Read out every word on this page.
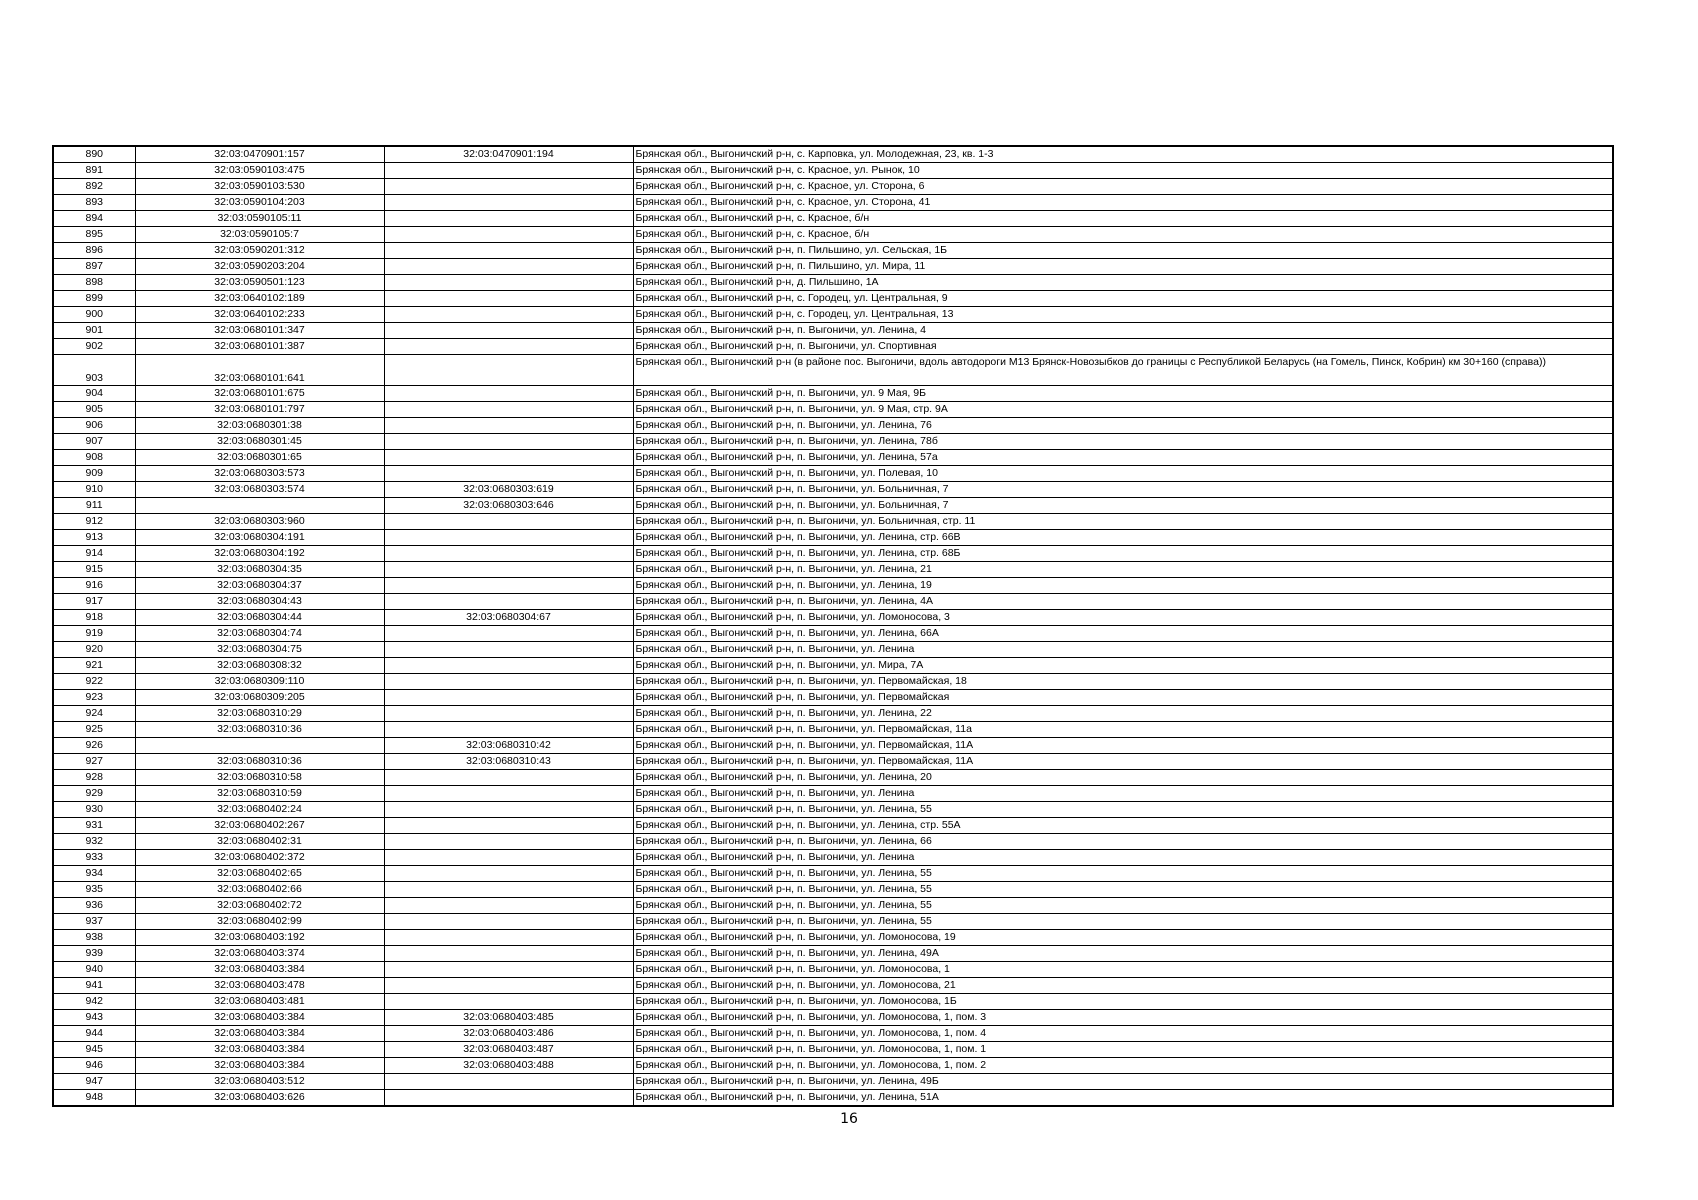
890	32:03:0470901:157	32:03:0470901:194	Брянская обл., Выгоничский р-н, с. Карповка, ул. Молодежная, 23, кв. 1-3
891	32:03:0590103:475		Брянская обл., Выгоничский р-н, с. Красное, ул. Рынок, 10
892	32:03:0590103:530		Брянская обл., Выгоничский р-н, с. Красное, ул. Сторона, 6
893	32:03:0590104:203		Брянская обл., Выгоничский р-н, с. Красное, ул. Сторона, 41
894	32:03:0590105:11		Брянская обл., Выгоничский р-н, с. Красное, б/н
895	32:03:0590105:7		Брянская обл., Выгоничский р-н, с. Красное, б/н
896	32:03:0590201:312		Брянская обл., Выгоничский р-н, п. Пильшино, ул. Сельская, 1Б
897	32:03:0590203:204		Брянская обл., Выгоничский р-н, п. Пильшино, ул. Мира, 11
898	32:03:0590501:123		Брянская обл., Выгоничский р-н, д. Пильшино, 1А
899	32:03:0640102:189		Брянская обл., Выгоничский р-н, с. Городец, ул. Центральная, 9
900	32:03:0640102:233		Брянская обл., Выгоничский р-н, с. Городец, ул. Центральная, 13
901	32:03:0680101:347		Брянская обл., Выгоничский р-н, п. Выгоничи, ул. Ленина, 4
902	32:03:0680101:387		Брянская обл., Выгоничский р-н, п. Выгоничи, ул. Спортивная
903	32:03:0680101:641		Брянская обл., Выгоничский р-н (в районе пос. Выгоничи, вдоль автодороги М13 Брянск-Новозыбков до границы с Республикой Беларусь (на Гомель, Пинск, Кобрин) км 30+160 (справа))
904	32:03:0680101:675		Брянская обл., Выгоничский р-н, п. Выгоничи, ул. 9 Мая, 9Б
905	32:03:0680101:797		Брянская обл., Выгоничский р-н, п. Выгоничи, ул. 9 Мая, стр. 9А
906	32:03:0680301:38		Брянская обл., Выгоничский р-н, п. Выгоничи, ул. Ленина, 76
907	32:03:0680301:45		Брянская обл., Выгоничский р-н, п. Выгоничи, ул. Ленина, 78б
908	32:03:0680301:65		Брянская обл., Выгоничский р-н, п. Выгоничи, ул. Ленина, 57а
909	32:03:0680303:573		Брянская обл., Выгоничский р-н, п. Выгоничи, ул. Полевая, 10
910	32:03:0680303:574	32:03:0680303:619	Брянская обл., Выгоничский р-н, п. Выгоничи, ул. Больничная, 7
911		32:03:0680303:646	Брянская обл., Выгоничский р-н, п. Выгоничи, ул. Больничная, 7
912	32:03:0680303:960		Брянская обл., Выгоничский р-н, п. Выгоничи, ул. Больничная, стр. 11
913	32:03:0680304:191		Брянская обл., Выгоничский р-н, п. Выгоничи, ул. Ленина, стр. 66В
914	32:03:0680304:192		Брянская обл., Выгоничский р-н, п. Выгоничи, ул. Ленина, стр. 68Б
915	32:03:0680304:35		Брянская обл., Выгоничский р-н, п. Выгоничи, ул. Ленина, 21
916	32:03:0680304:37		Брянская обл., Выгоничский р-н, п. Выгоничи, ул. Ленина, 19
917	32:03:0680304:43		Брянская обл., Выгоничский р-н, п. Выгоничи, ул. Ленина, 4А
918	32:03:0680304:44	32:03:0680304:67	Брянская обл., Выгоничский р-н, п. Выгоничи, ул. Ломоносова, 3
919	32:03:0680304:74		Брянская обл., Выгоничский р-н, п. Выгоничи, ул. Ленина, 66А
920	32:03:0680304:75		Брянская обл., Выгоничский р-н, п. Выгоничи, ул. Ленина
921	32:03:0680308:32		Брянская обл., Выгоничский р-н, п. Выгоничи, ул. Мира, 7А
922	32:03:0680309:110		Брянская обл., Выгоничский р-н, п. Выгоничи, ул. Первомайская, 18
923	32:03:0680309:205		Брянская обл., Выгоничский р-н, п. Выгоничи, ул. Первомайская
924	32:03:0680310:29		Брянская обл., Выгоничский р-н, п. Выгоничи, ул. Ленина, 22
925	32:03:0680310:36		Брянская обл., Выгоничский р-н, п. Выгоничи, ул. Первомайская, 11а
926		32:03:0680310:42	Брянская обл., Выгоничский р-н, п. Выгоничи, ул. Первомайская, 11А
927	32:03:0680310:36	32:03:0680310:43	Брянская обл., Выгоничский р-н, п. Выгоничи, ул. Первомайская, 11А
928	32:03:0680310:58		Брянская обл., Выгоничский р-н, п. Выгоничи, ул. Ленина, 20
929	32:03:0680310:59		Брянская обл., Выгоничский р-н, п. Выгоничи, ул. Ленина
930	32:03:0680402:24		Брянская обл., Выгоничский р-н, п. Выгоничи, ул. Ленина, 55
931	32:03:0680402:267		Брянская обл., Выгоничский р-н, п. Выгоничи, ул. Ленина, стр. 55А
932	32:03:0680402:31		Брянская обл., Выгоничский р-н, п. Выгоничи, ул. Ленина, 66
933	32:03:0680402:372		Брянская обл., Выгоничский р-н, п. Выгоничи, ул. Ленина
934	32:03:0680402:65		Брянская обл., Выгоничский р-н, п. Выгоничи, ул. Ленина, 55
935	32:03:0680402:66		Брянская обл., Выгоничский р-н, п. Выгоничи, ул. Ленина, 55
936	32:03:0680402:72		Брянская обл., Выгоничский р-н, п. Выгоничи, ул. Ленина, 55
937	32:03:0680402:99		Брянская обл., Выгоничский р-н, п. Выгоничи, ул. Ленина, 55
938	32:03:0680403:192		Брянская обл., Выгоничский р-н, п. Выгоничи, ул. Ломоносова, 19
939	32:03:0680403:374		Брянская обл., Выгоничский р-н, п. Выгоничи, ул. Ленина, 49А
940	32:03:0680403:384		Брянская обл., Выгоничский р-н, п. Выгоничи, ул. Ломоносова, 1
941	32:03:0680403:478		Брянская обл., Выгоничский р-н, п. Выгоничи, ул. Ломоносова, 21
942	32:03:0680403:481		Брянская обл., Выгоничский р-н, п. Выгоничи, ул. Ломоносова, 1Б
943	32:03:0680403:384	32:03:0680403:485	Брянская обл., Выгоничский р-н, п. Выгоничи, ул. Ломоносова, 1, пом. 3
944	32:03:0680403:384	32:03:0680403:486	Брянская обл., Выгоничский р-н, п. Выгоничи, ул. Ломоносова, 1, пом. 4
945	32:03:0680403:384	32:03:0680403:487	Брянская обл., Выгоничский р-н, п. Выгоничи, ул. Ломоносова, 1, пом. 1
946	32:03:0680403:384	32:03:0680403:488	Брянская обл., Выгоничский р-н, п. Выгоничи, ул. Ломоносова, 1, пом. 2
947	32:03:0680403:512		Брянская обл., Выгоничский р-н, п. Выгоничи, ул. Ленина, 49Б
948	32:03:0680403:626		Брянская обл., Выгоничский р-н, п. Выгоничи, ул. Ленина, 51А
16
